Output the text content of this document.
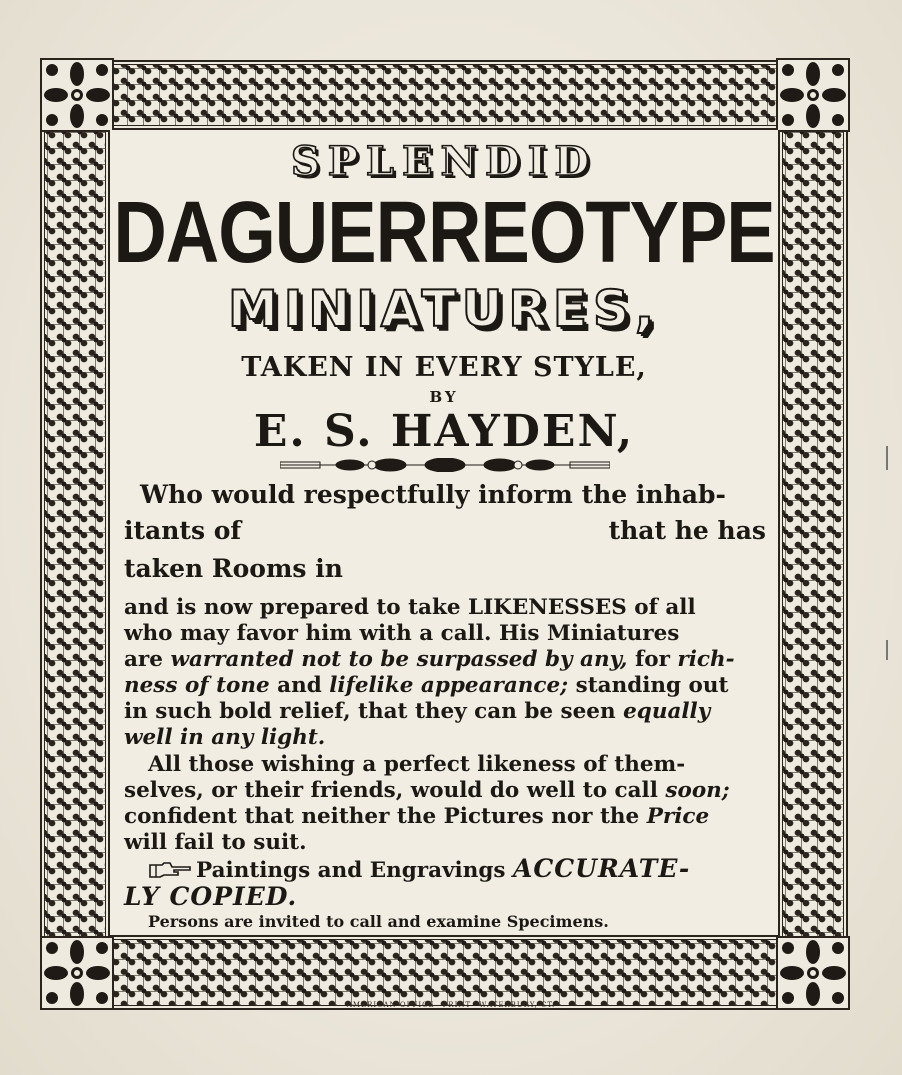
SPLENDID
DAGUERREOTYPE
MINIATURES,
TAKEN IN EVERY STYLE,
BY
E. S. HAYDEN,
Who would respectfully inform the inhab-
itants of	that he has
taken Rooms in
and is now prepared to take LIKENESSES of all
who may favor him with a call. His Miniatures
are warranted not to be surpassed by any, for rich-
ness of tone and lifelike appearance; standing out
in such bold relief, that they can be seen equally
well in any light.
All those wishing a perfect likeness of them-
selves, or their friends, would do well to call soon;
confident that neither the Pictures nor the Price
will fail to suit.
Paintings and Engravings ACCURATE-
LY COPIED.
Persons are invited to call and examine Specimens.
AMERICAN OFFICE—PRINT—WATERBURY, CT.
